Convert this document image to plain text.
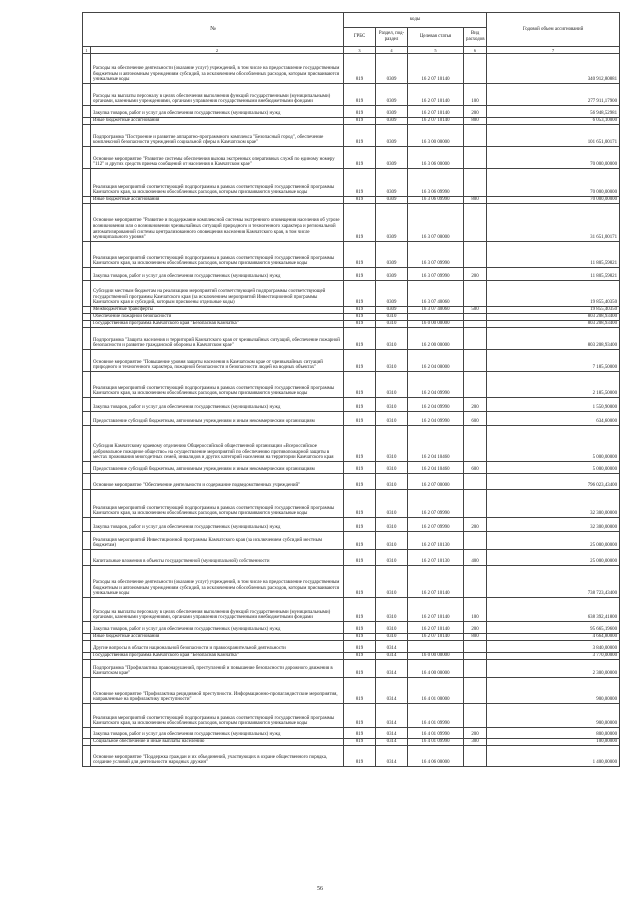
№		коды				Годовой объем ассигнований
		ГРБС	Раздел, под-раздел	Целевая статья	Вид расходов	
1	2	3	4	5	6	7
	Расходы на обеспечение деятельности (оказание услуг) учреждений, в том числе на предоставление государственным бюджетным и автономным учреждениям субсидий, за исключением обособленных расходов, которым присваиваются уникальные коды	819	0309	16 2 07 10140		340 912,80881
	Расходы на выплаты персоналу в целях обеспечения выполнения функций государственными (муниципальными) органами, казенными учреждениями, органами управления государственными внебюджетными фондами	819	0309	16 2 07 10140	100	277 911,17900
	Закупка товаров, работ и услуг для обеспечения государственных (муниципальных) нужд	819	0309	16 2 07 10140	200	56 948,52981
	Иные бюджетные ассигнования	819	0309	16 2 07 10140	800	6 053,10000
	Подпрограмма "Построение и развитие аппаратно-программного комплекса "Безопасный город", обеспечение комплексной безопасности учреждений социальной сферы в Камчатском крае"	819	0309	16 3 00 00000		101 651,00171
	Основное мероприятие "Развитие системы обеспечения вызова экстренных оперативных служб по единому номеру "112" и других средств приема сообщений от населения в Камчатском крае"	819	0309	16 3 06 00000		70 000,00000
	Реализация мероприятий соответствующей подпрограммы в рамках соответствующей государственной программы Камчатского края, за исключением обособленных расходов, которым присваиваются уникальные коды	819	0309	16 3 06 09990		70 000,00000
	Иные бюджетные ассигнования	819	0309	16 3 06 09990	800	70 000,00000
	Основное мероприятие "Развитие и поддержание комплексной системы экстренного оповещения населения об угрозе возникновения или о возникновении чрезвычайных ситуаций природного и техногенного характера и региональной автоматизированной системы централизованного оповещения населения Камчатского края, в том числе муниципального уровня"	819	0309	16 3 07 00000		31 651,00171
	Реализация мероприятий соответствующей подпрограммы в рамках соответствующей государственной программы Камчатского края, за исключением обособленных расходов, которым присваиваются уникальные коды	819	0309	16 3 07 09990		11 805,59821
	Закупка товаров, работ и услуг для обеспечения государственных (муниципальных) нужд	819	0309	16 3 07 09990	200	11 805,59821
	Субсидии местным бюджетам на реализацию мероприятий соответствующей подпрограммы соответствующей государственной программы Камчатского края (за исключением мероприятий Инвестиционной программы Камчатского края и субсидий, которым присвоены отдельные коды)	819	0309	16 3 07 40060		19 855,40350
	Межбюджетные трансферты	819	0309	16 3 07 40060	500	19 855,40350
	Обеспечение пожарной безопасности	819	0310			803 208,93400
	Государственная программа Камчатского края "Безопасная Камчатка"	819	0310	16 0 00 00000		803 208,93400
	Подпрограмма "Защита населения и территорий Камчатского края от чрезвычайных ситуаций, обеспечение пожарной безопасности и развитие гражданской обороны в Камчатском крае"	819	0310	16 2 00 00000		803 208,93400
	Основное мероприятие "Повышение уровня защиты населения в Камчатском крае от чрезвычайных ситуаций природного и техногенного характера, пожарной безопасности и безопасности людей на водных объектах"	819	0310	16 2 04 00000		7 185,50000
	Реализация мероприятий соответствующей подпрограммы в рамках соответствующей государственной программы Камчатского края, за исключением обособленных расходов, которым присваиваются уникальные коды	819	0310	16 2 04 09990		2 185,50000
	Закупка товаров, работ и услуг для обеспечения государственных (муниципальных) нужд	819	0310	16 2 04 09990	200	1 550,90000
	Предоставление субсидий бюджетным, автономным учреждениям и иным некоммерческим организациям	819	0310	16 2 04 09990	600	634,60000
	Субсидия Камчатскому краевому отделению Общероссийской общественной организации «Всероссийское добровольное пожарное общество» на осуществление мероприятий по обеспечению противопожарной защиты в местах проживания многодетных семей, инвалидов и других категорий населения на территории Камчатского края	819	0310	16 2 04 10460		5 000,00000
	Предоставление субсидий бюджетным, автономным учреждениям и иным некоммерческим организациям	819	0310	16 2 04 10460	600	5 000,00000
	Основное мероприятие "Обеспечение деятельности и содержание подведомственных учреждений"	819	0310	16 2 07 00000		796 023,43400
	Реализация мероприятий соответствующей подпрограммы в рамках соответствующей государственной программы Камчатского края, за исключением обособленных расходов, которым присваиваются уникальные коды	819	0310	16 2 07 09990		32 300,00000
	Закупка товаров, работ и услуг для обеспечения государственных (муниципальных) нужд	819	0310	16 2 07 09990	200	32 300,00000
	Реализация мероприятий Инвестиционной программы Камчатского края (за исключением субсидий местным бюджетам)	819	0310	16 2 07 10130		25 000,00000
	Капитальные вложения в объекты государственной (муниципальной) собственности	819	0310	16 2 07 10130	400	25 000,00000
	Расходы на обеспечение деятельности (оказание услуг) учреждений, в том числе на предоставление государственным бюджетным и автономным учреждениям субсидий, за исключением обособленных расходов, которым присваиваются уникальные коды	819	0310	16 2 07 10140		738 723,43400
	Расходы на выплаты персоналу в целях обеспечения выполнения функций государственными (муниципальными) органами, казенными учреждениями, органами управления государственными внебюджетными фондами	819	0310	16 2 07 10140	100	638 392,41800
	Закупка товаров, работ и услуг для обеспечения государственных (муниципальных) нужд	819	0310	16 2 07 10140	200	95 665,19600
	Иные бюджетные ассигнования	819	0310	16 2 07 10140	800	4 664,80000
	Другие вопросы в области национальной безопасности и правоохранительной деятельности	819	0314			3 840,00000
	Государственная программа Камчатского края "Безопасная Камчатка"	819	0314	16 0 00 00000		3 770,00000
	Подпрограмма "Профилактика правонарушений, преступлений и повышение безопасности дорожного движения в Камчатском крае"	819	0314	16 4 00 00000		2 300,00000
	Основное мероприятие "Профилактика рецидивной преступности. Информационно-пропагандистские мероприятия, направленные на профилактику преступности"	819	0314	16 4 01 00000		900,00000
	Реализация мероприятий соответствующей подпрограммы в рамках соответствующей государственной программы Камчатского края, за исключением обособленных расходов, которым присваиваются уникальные коды	819	0314	16 4 01 09990		900,00000
	Закупка товаров, работ и услуг для обеспечения государственных (муниципальных) нужд	819	0314	16 4 01 09990	200	800,00000
	Социальное обеспечение и иные выплаты населению	819	0314	16 4 01 09990	300	100,00000
	Основное мероприятие "Поддержка граждан и их объединений, участвующих в охране общественного порядка, создание условий для деятельности народных дружин"	819	0314	16 4 06 00000		1 400,00000
56
